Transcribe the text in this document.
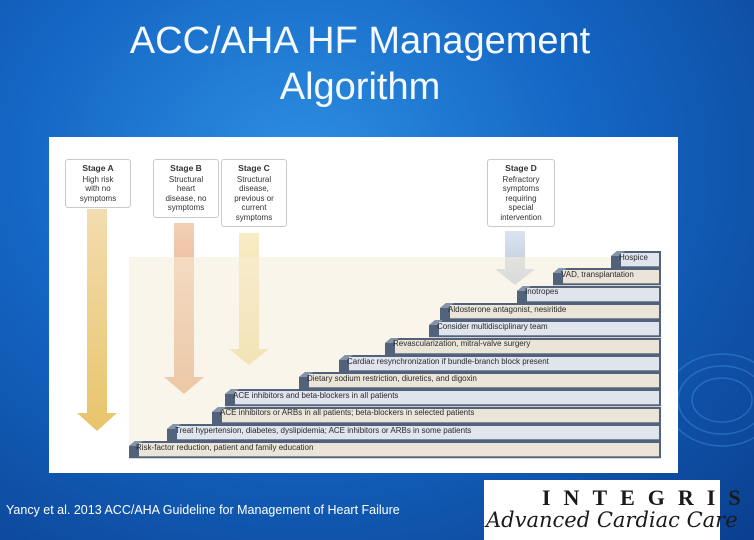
ACC/AHA HF Management
Algorithm
Stage A
High risk
with no
symptoms
Stage B
Structural
heart
disease, no
symptoms
Stage C
Structural
disease,
previous or
current
symptoms
Stage D
Refractory
symptoms
requiring
special
intervention
Risk-factor reduction, patient and family education
Treat hypertension, diabetes, dyslipidemia; ACE inhibitors or ARBs in some patients
ACE inhibitors or ARBs in all patients; beta-blockers in selected patients
ACE inhibitors and beta-blockers in all patients
Dietary sodium restriction, diuretics, and digoxin
Cardiac resynchronization if bundle-branch block present
Revascularization, mitral-valve surgery
Consider multidisciplinary team
Aldosterone antagonist, nesiritide
Inotropes
VAD, transplantation
Hospice
Yancy et al. 2013 ACC/AHA Guideline for Management of Heart Failure	INTEGRIS
Advanced Cardiac Care
